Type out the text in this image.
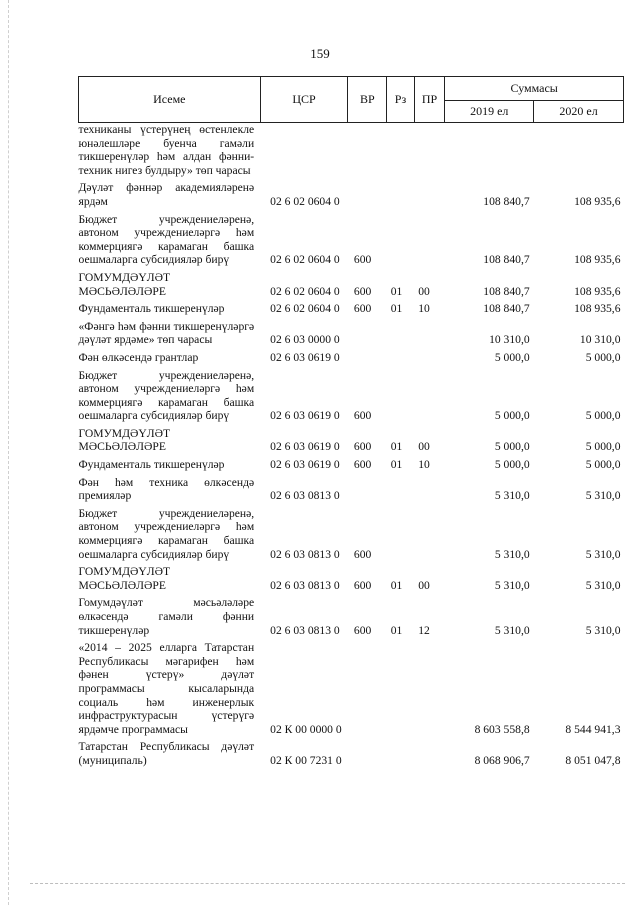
159
Исеме	ЦСР	ВР	Рз	ПР	Суммасы	
					2019 ел	2020 ел
техниканы үстерүнең өстенлекле юнәлешләре буенча гамәли тикшеренүләр һәм алдан фәнни-техник нигез булдыру» төп чарасы						
Дәүләт фәннәр академияләренә ярдәм	02 6 02 0604 0				108 840,7	108 935,6
Бюджет учреждениеләренә, автоном учреждениеләргә һәм коммерциягә карамаган башка оешмаларга субсидияләр бирү	02 6 02 0604 0	600			108 840,7	108 935,6
ГОМУМДӘҮЛӘТ МӘСЬӘЛӘЛӘРЕ	02 6 02 0604 0	600	01	00	108 840,7	108 935,6
Фундаменталь тикшеренүләр	02 6 02 0604 0	600	01	10	108 840,7	108 935,6
«Фәнгә һәм фәнни тикшеренүләргә дәүләт ярдәме» төп чарасы	02 6 03 0000 0				10 310,0	10 310,0
Фән өлкәсендә грантлар	02 6 03 0619 0				5 000,0	5 000,0
Бюджет учреждениеләренә, автоном учреждениеләргә һәм коммерциягә карамаган башка оешмаларга субсидияләр бирү	02 6 03 0619 0	600			5 000,0	5 000,0
ГОМУМДӘҮЛӘТ МӘСЬӘЛӘЛӘРЕ	02 6 03 0619 0	600	01	00	5 000,0	5 000,0
Фундаменталь тикшеренүләр	02 6 03 0619 0	600	01	10	5 000,0	5 000,0
Фән һәм техника өлкәсендә премияләр	02 6 03 0813 0				5 310,0	5 310,0
Бюджет учреждениеләренә, автоном учреждениеләргә һәм коммерциягә карамаган башка оешмаларга субсидияләр бирү	02 6 03 0813 0	600			5 310,0	5 310,0
ГОМУМДӘҮЛӘТ МӘСЬӘЛӘЛӘРЕ	02 6 03 0813 0	600	01	00	5 310,0	5 310,0
Гомумдәүләт мәсьәләләре өлкәсендә гамәли фәнни тикшеренүләр	02 6 03 0813 0	600	01	12	5 310,0	5 310,0
«2014 – 2025 елларга Татарстан Республикасы мәгарифен һәм фәнен үстерү» дәүләт программасы кысаларында социаль һәм инженерлык инфраструктурасын үстерүгә ярдәмче программасы	02 К 00 0000 0				8 603 558,8	8 544 941,3
Татарстан Республикасы дәүләт (муниципаль)	02 К 00 7231 0				8 068 906,7	8 051 047,8
